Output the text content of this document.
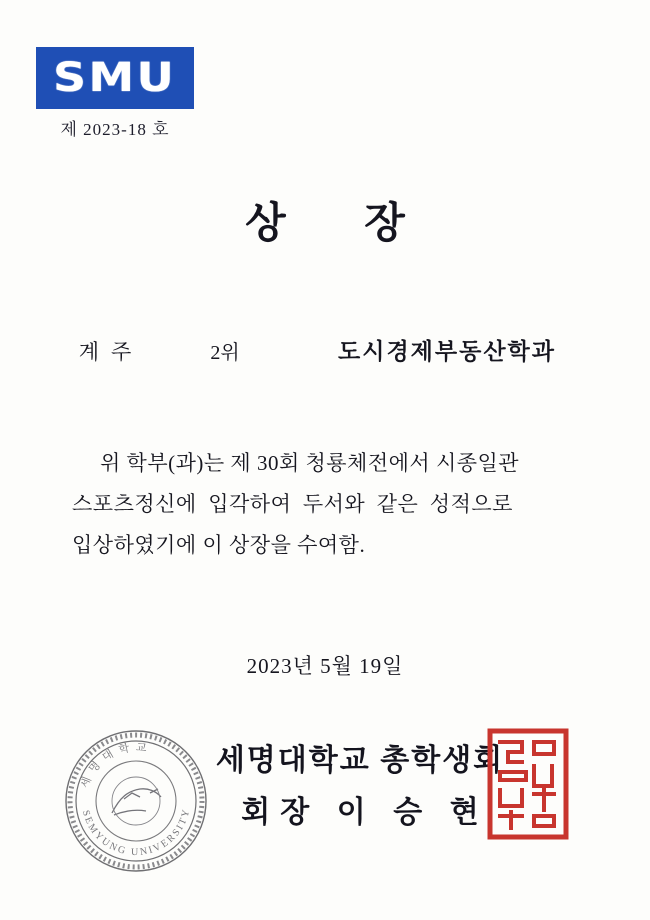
SMU
제 2023-18 호
상 장
계주	2위	도시경제부동산학과
위 학부(과)는 제 30회 청룡체전에서 시종일관
스포츠정신에  입각하여  두서와  같은  성적으로
입상하였기에 이 상장을 수여함.
2023년 5월 19일
세명대학교 총학생회
회장 이 승 현
세 명 대 학 교
SEMYUNG UNIVERSITY
